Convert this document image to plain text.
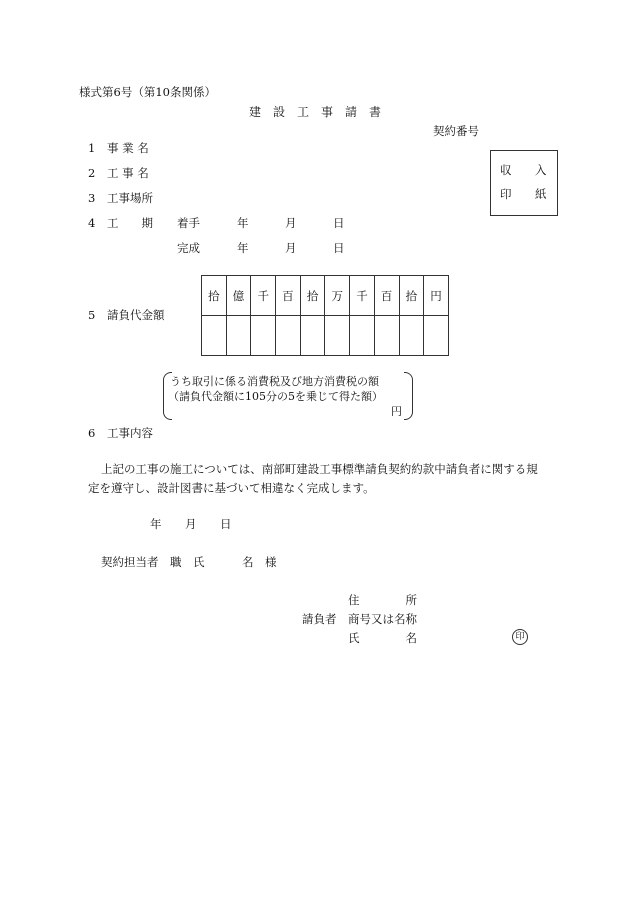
様式第6号（第10条関係）
建　設　工　事　請　書
契約番号
収 入
印 紙
1 事 業 名
2 工 事 名
3 工事場所
4 工　　期 着手	年	月	日
完成	年	月	日
5 請負代金額
拾	億	千	百	拾	万	千	百	拾	円

うち取引に係る消費税及び地方消費税の額
（請負代金額に105分の5を乗じて得た額）
円
6 工事内容
上記の工事の施工については、南部町建設工事標準請負契約約款中請負者に関する規
定を遵守し、設計図書に基づいて相違なく完成します。
年 月 日
契約担当者 職　氏	名　様
住　　　　所
請負者 商号又は名称
氏　　　　名	印
